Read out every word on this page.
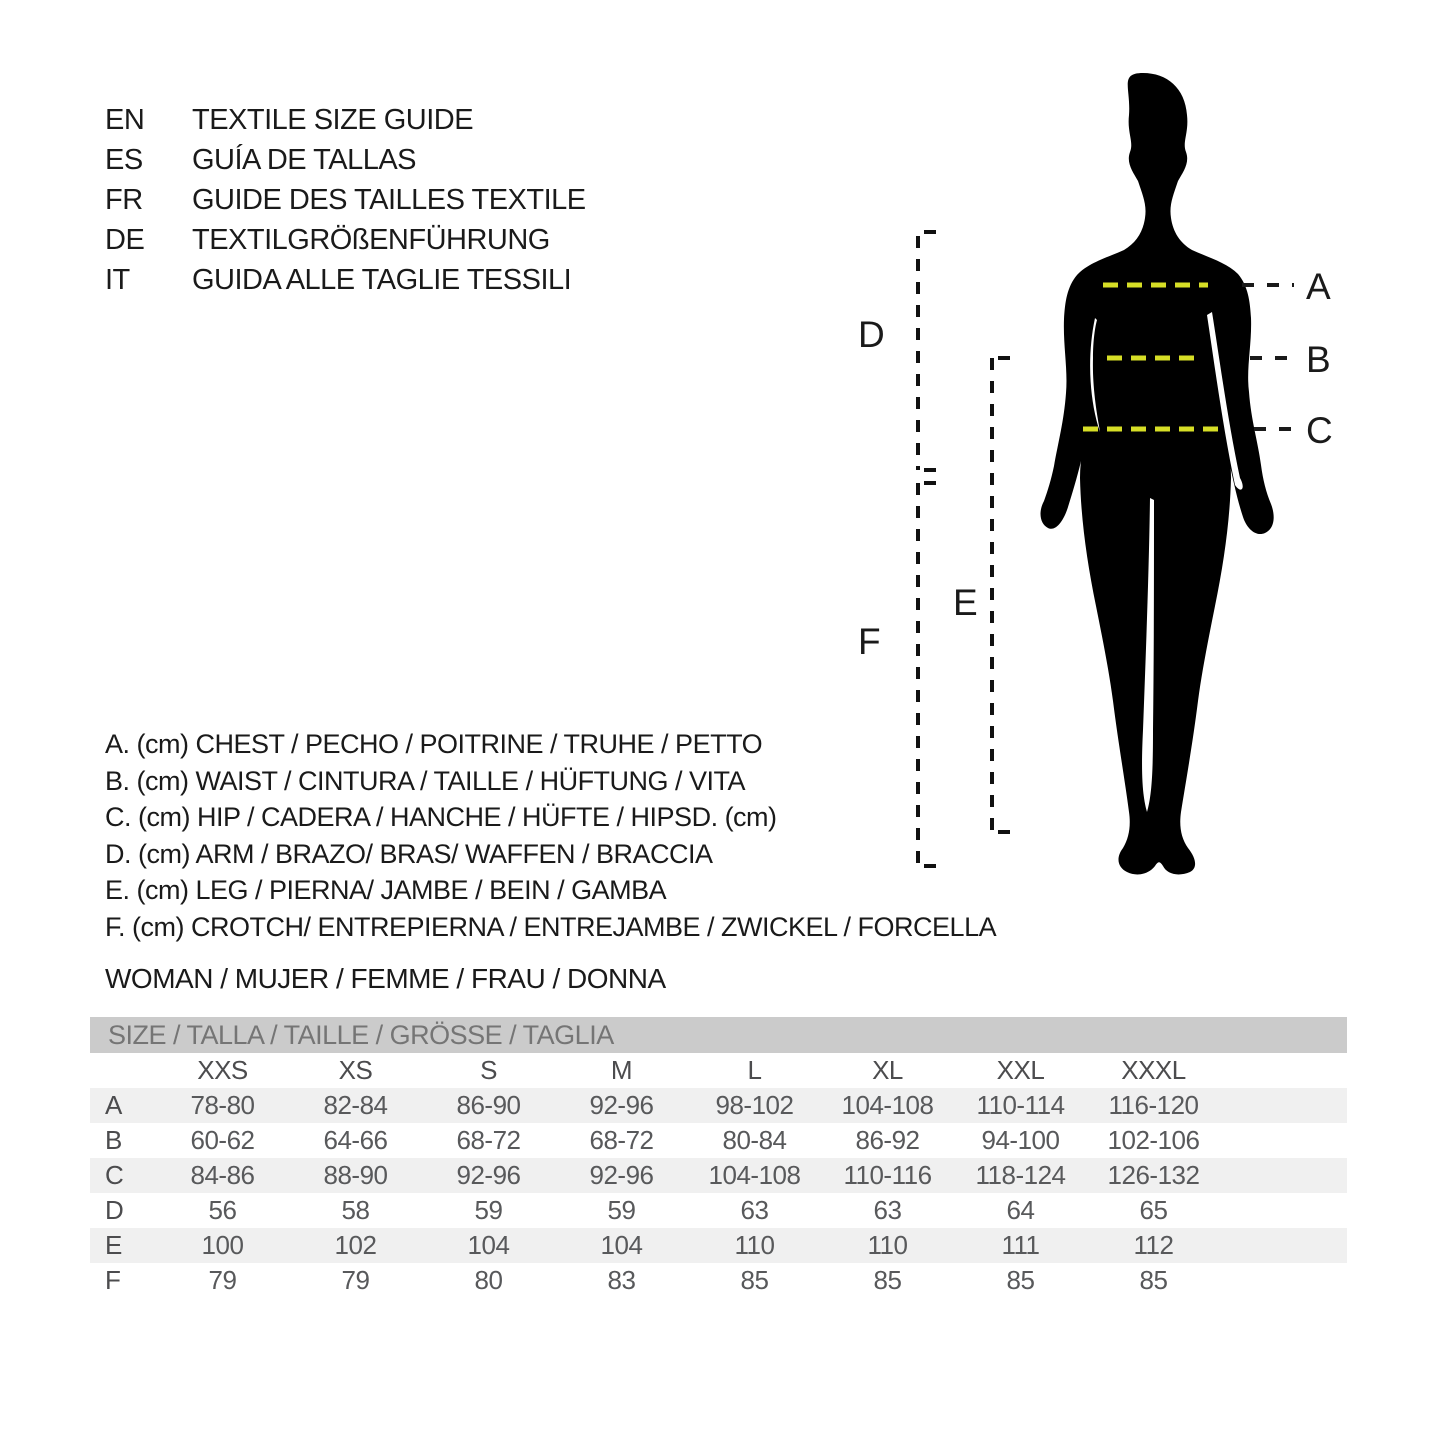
EN	TEXTILE SIZE GUIDE
ES	GUÍA DE TALLAS
FR	GUIDE DES TAILLES TEXTILE
DE	TEXTILGRÖßENFÜHRUNG
IT	GUIDA ALLE TAGLIE TESSILI
A. (cm) CHEST / PECHO / POITRINE / TRUHE / PETTO
B. (cm) WAIST / CINTURA / TAILLE / HÜFTUNG / VITA
C. (cm) HIP / CADERA / HANCHE / HÜFTE / HIPSD. (cm)
D. (cm) ARM / BRAZO/ BRAS/ WAFFEN / BRACCIA
E. (cm) LEG / PIERNA/ JAMBE / BEIN / GAMBA
F. (cm) CROTCH/ ENTREPIERNA / ENTREJAMBE / ZWICKEL / FORCELLA
A
B
C
D
E
F
WOMAN / MUJER / FEMME / FRAU / DONNA
SIZE / TALLA / TAILLE / GRÖSSE / TAGLIA
XXS	XS	S	M	L	XL	XXL	XXXL
A	78-80	82-84	86-90	92-96	98-102	104-108	110-114	116-120
B	60-62	64-66	68-72	68-72	80-84	86-92	94-100	102-106
C	84-86	88-90	92-96	92-96	104-108	110-116	118-124	126-132
D	56	58	59	59	63	63	64	65
E	100	102	104	104	110	110	111	112
F	79	79	80	83	85	85	85	85
